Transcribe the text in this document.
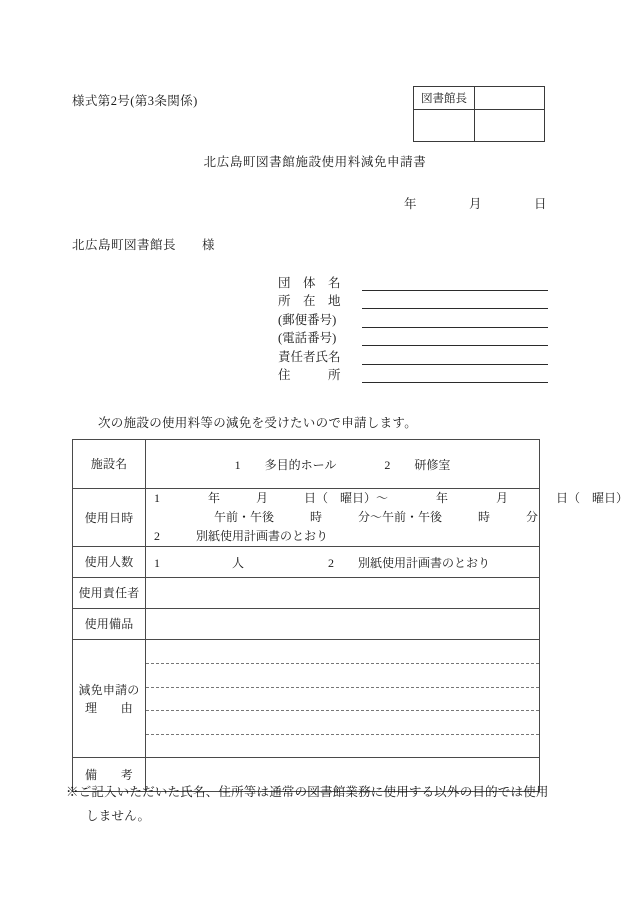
様式第2号(第3条関係)	図書館長	

北広島町図書館施設使用料減免申請書
年　　　　月　　　　日
北広島町図書館長　　様
団　体　名
所　在　地
(郵便番号)
(電話番号)
責任者氏名
住　　　所
次の施設の使用料等の減免を受けたいので申請します。
施設名	1　　多目的ホール　　　　2　　研修室
使用日時	1　　　　年　　　月　　　日（　曜日）～　　　　年　　　　月　　　　日（　曜日）
　　　　　午前・午後　　　時　　　分～午前・午後　　　時　　　分
2　　　別紙使用計画書のとおり

使用人数	1　　　　　　人　　　　　　　2　　別紙使用計画書のとおり
使用責任者	
使用備品	

減免申請の
理 由	

備 考	

※ご記入いただいた氏名、住所等は通常の図書館業務に使用する以外の目的では使用
しません。
